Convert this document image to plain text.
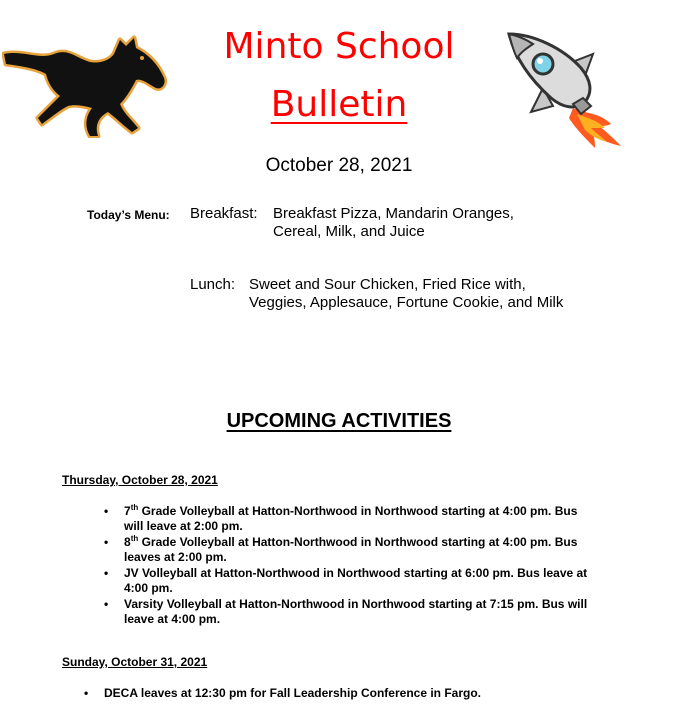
Minto School
Bulletin
October 28, 2021
Today’s Menu: Breakfast: Breakfast Pizza, Mandarin Oranges, Cereal, Milk, and Juice
Lunch: Sweet and Sour Chicken, Fried Rice with, Veggies, Applesauce, Fortune Cookie, and Milk
UPCOMING ACTIVITIES
Thursday, October 28, 2021
• 7th Grade Volleyball at Hatton-Northwood in Northwood starting at 4:00 pm. Bus will leave at 2:00 pm.
• 8th Grade Volleyball at Hatton-Northwood in Northwood starting at 4:00 pm. Bus leaves at 2:00 pm.
• JV Volleyball at Hatton-Northwood in Northwood starting at 6:00 pm. Bus leave at 4:00 pm.
• Varsity Volleyball at Hatton-Northwood in Northwood starting at 7:15 pm. Bus will leave at 4:00 pm.
Sunday, October 31, 2021
• DECA leaves at 12:30 pm for Fall Leadership Conference in Fargo.
